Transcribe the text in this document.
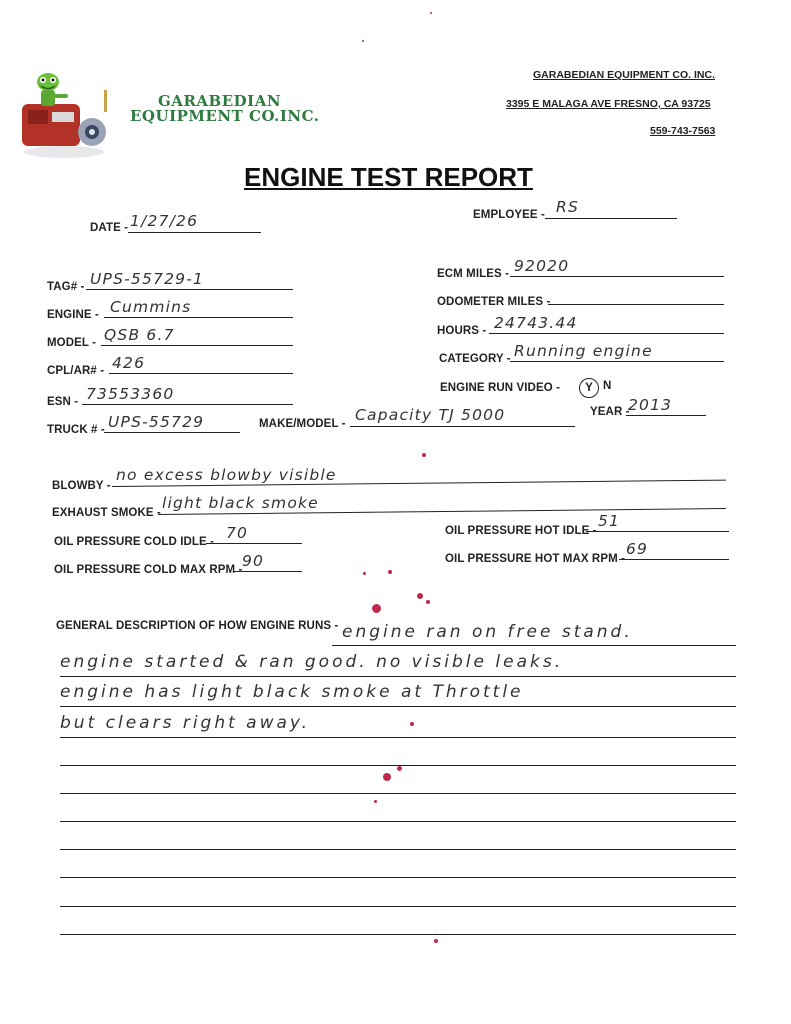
GARABEDIAN
EQUIPMENT CO.INC.
GARABEDIAN EQUIPMENT CO. INC.
3395 E MALAGA AVE FRESNO, CA 93725
559-743-7563
ENGINE TEST REPORT
DATE - 1/27/26	EMPLOYEE - RS
TAG# - UPS-55729-1
ENGINE - Cummins
MODEL - QSB 6.7
CPL/AR# - 426
ESN - 73553360
TRUCK # - UPS-55729	MAKE/MODEL - Capacity TJ 5000	YEAR -
2013
ECM MILES - 92020
ODOMETER MILES -
HOURS - 24743.44
CATEGORY - Running engine
ENGINE RUN VIDEO -	Y N
BLOWBY -
no excess blowby visible
EXHAUST SMOKE -
light black smoke
OIL PRESSURE COLD IDLE - 70
OIL PRESSURE COLD MAX RPM - 90
OIL PRESSURE HOT IDLE -
51
OIL PRESSURE HOT MAX RPM -
69
GENERAL DESCRIPTION OF HOW ENGINE RUNS - engine ran on free stand.
engine started & ran good. no visible leaks.
engine has light black smoke at Throttle
but clears right away.
